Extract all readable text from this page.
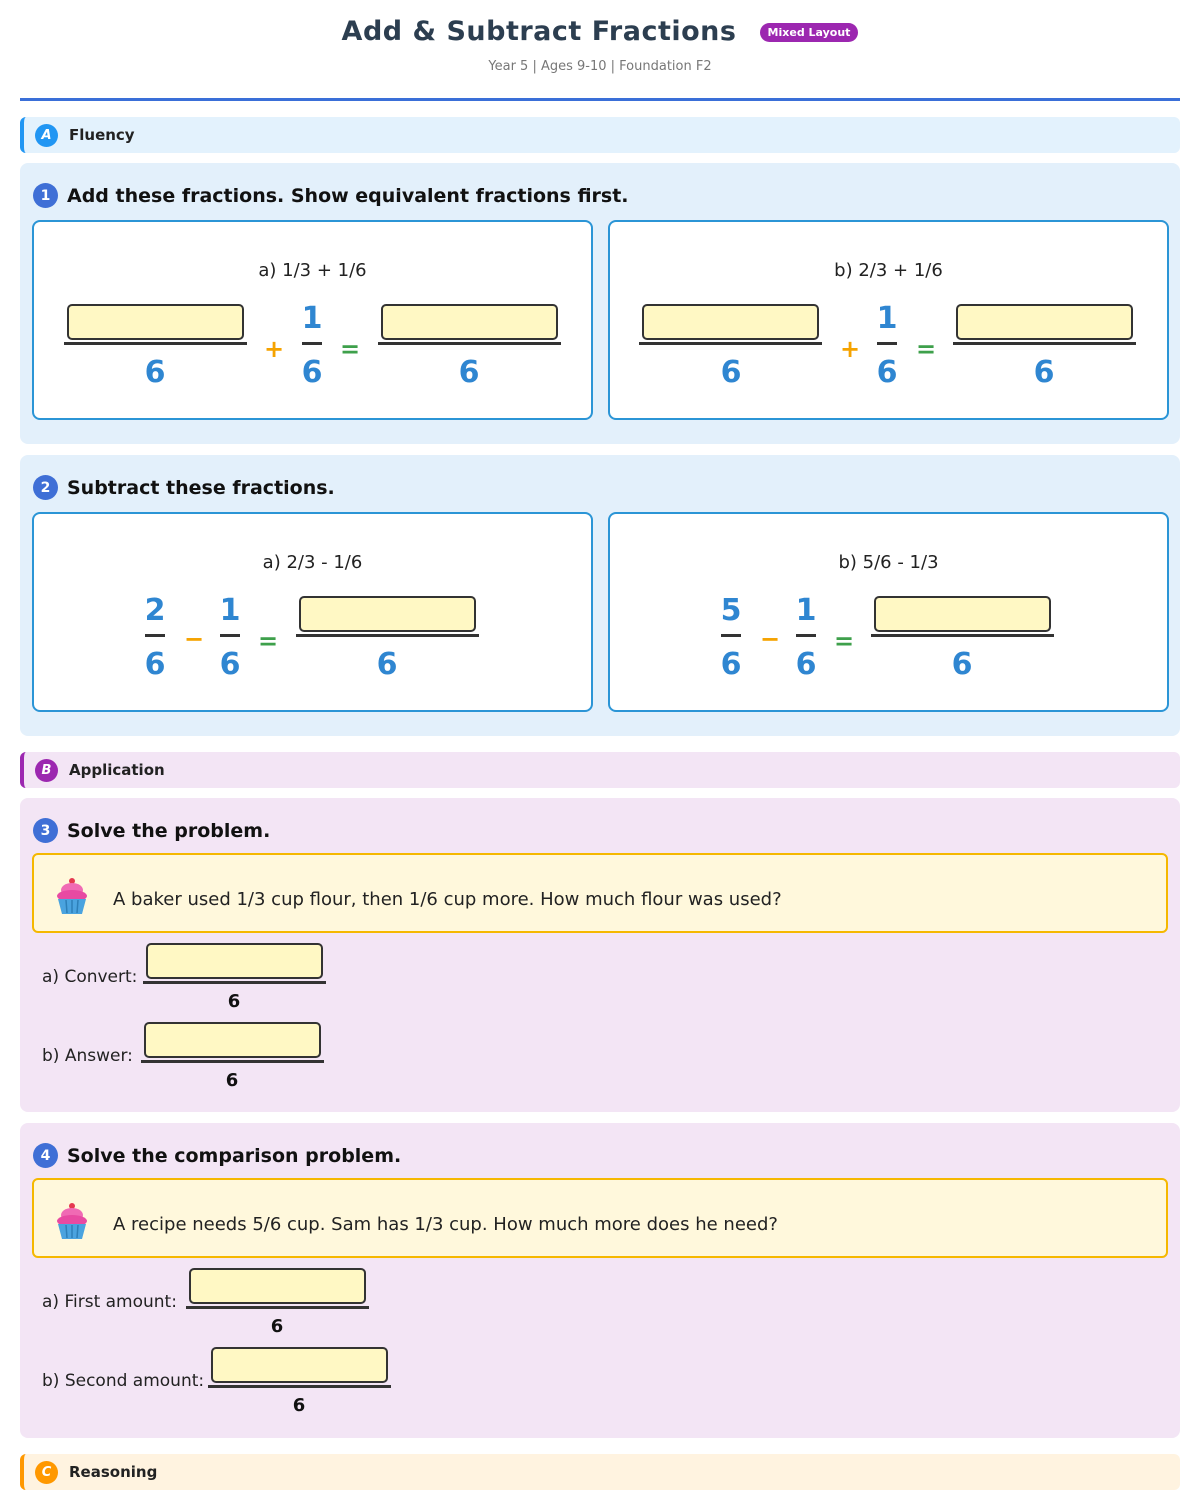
Add & Subtract Fractions	Mixed Layout
Year 5 | Ages 9-10 | Foundation F2
A	Fluency
1 Add these fractions. Show equivalent fractions first.
a) 1/3 + 1/6
6
+
1
6
=
6
b) 2/3 + 1/6
6
+
1
6
=
6
2 Subtract these fractions.
a) 2/3 - 1/6
2
6
−
1
6
=
6
b) 5/6 - 1/3
5
6
−
1
6
=
6
B	Application
3 Solve the problem.
A baker used 1/3 cup flour, then 1/6 cup more. How much flour was used?
a) Convert:
6
b) Answer:
6
4 Solve the comparison problem.
A recipe needs 5/6 cup. Sam has 1/3 cup. How much more does he need?
a) First amount:
6
b) Second amount:
6
C	Reasoning
